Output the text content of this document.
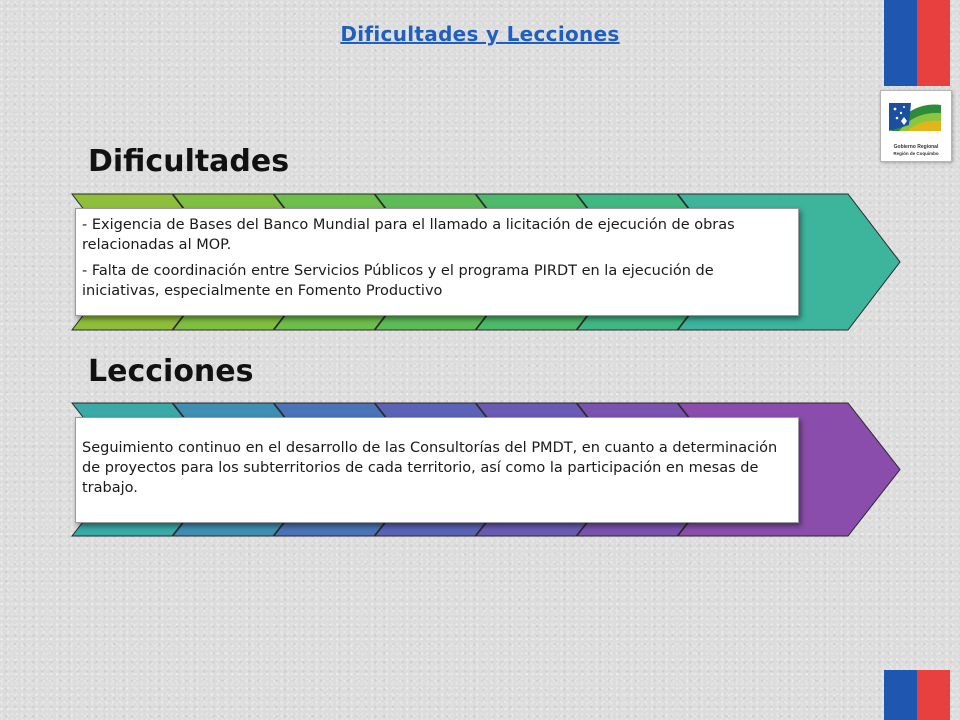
Dificultades y Lecciones
Gobierno Regional
Región de Coquimbo
Dificultades
Lecciones

- Exigencia de Bases del Banco Mundial para el llamado a licitación de ejecución de obras relacionadas al MOP.

- Falta de coordinación entre Servicios Públicos y el programa PIRDT en la ejecución de iniciativas, especialmente en Fomento Productivo

Seguimiento continuo en el desarrollo de las Consultorías del PMDT, en cuanto a determinación de proyectos para los subterritorios de cada territorio, así como la participación en mesas de trabajo.
